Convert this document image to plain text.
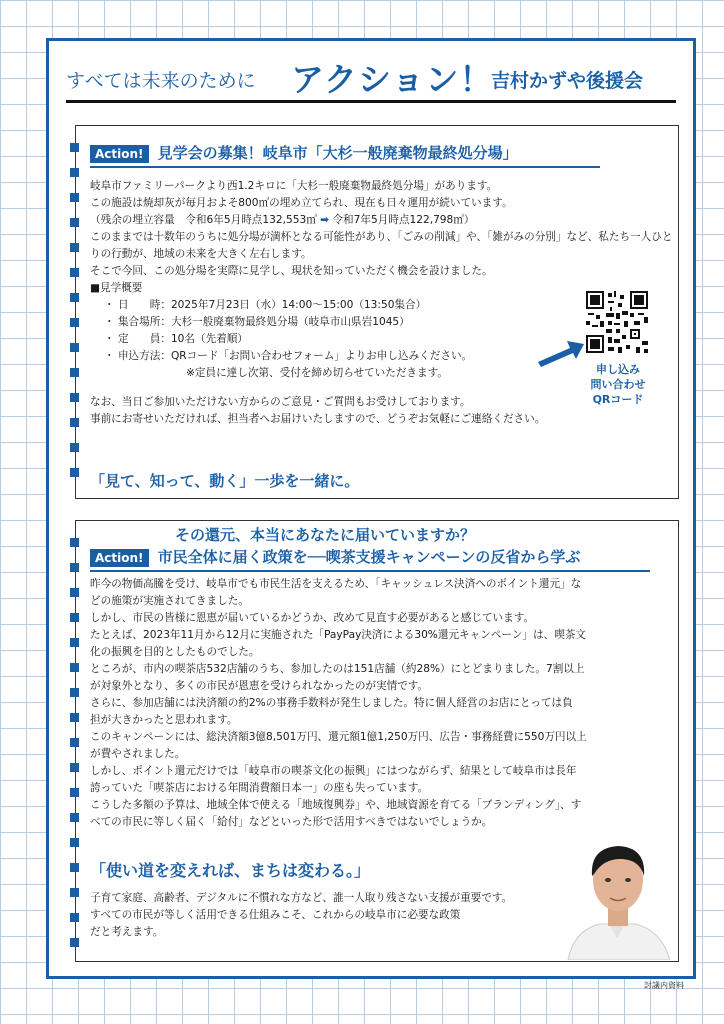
すべては未来のために アクション！
吉村かずや後援会
Action! 見学会の募集！岐阜市「大杉一般廃棄物最終処分場」

岐阜市ファミリーパークより西1.2キロに「大杉一般廃棄物最終処分場」があります。

この施設は焼却灰が毎月およそ800㎥の埋め立てられ、現在も日々運用が続いています。

（残余の埋立容量　令和6年5月時点132,553㎥ ➡ 令和7年5月時点122,798㎥）

このままでは十数年のうちに処分場が満杯となる可能性があり、「ごみの削減」や、「雑がみの分別」など、私たち一人ひとりの行動が、地域の未来を大きく左右します。

そこで今回、この処分場を実際に見学し、現状を知っていただく機会を設けました。

■見学概要

・ 日　　時：2025年7月23日（水）14:00～15:00（13:50集合）

・ 集合場所：大杉一般廃棄物最終処分場（岐阜市山県岩1045）

・ 定　　員：10名（先着順）

・ 申込方法：QRコード「お問い合わせフォーム」よりお申し込みください。

※定員に達し次第、受付を締め切らせていただきます。

なお、当日ご参加いただけない方からのご意見・ご質問もお受けしております。

事前にお寄せいただければ、担当者へお届けいたしますので、どうぞお気軽にご連絡ください。

申し込み
問い合わせ
QRコード
「見て、知って、動く」一歩を一緒に。
その還元、本当にあなたに届いていますか？
Action! 市民全体に届く政策を──喫茶支援キャンペーンの反省から学ぶ

昨今の物価高騰を受け、岐阜市でも市民生活を支えるため、「キャッシュレス決済へのポイント還元」な

どの施策が実施されてきました。

しかし、市民の皆様に恩恵が届いているかどうか、改めて見直す必要があると感じています。

たとえば、2023年11月から12月に実施された「PayPay決済による30%還元キャンペーン」は、喫茶文

化の振興を目的としたものでした。

ところが、市内の喫茶店532店舗のうち、参加したのは151店舗（約28%）にとどまりました。7割以上

が対象外となり、多くの市民が恩恵を受けられなかったのが実情です。

さらに、参加店舗には決済額の約2%の事務手数料が発生しました。特に個人経営のお店にとっては負

担が大きかったと思われます。

このキャンペーンには、総決済額3億8,501万円、還元額1億1,250万円、広告・事務経費に550万円以上

が費やされました。

しかし、ポイント還元だけでは「岐阜市の喫茶文化の振興」にはつながらず、結果として岐阜市は長年

誇っていた「喫茶店における年間消費額日本一」の座も失っています。

こうした多額の予算は、地域全体で使える「地域復興券」や、地域資源を育てる「ブランディング」、す

べての市民に等しく届く「給付」などといった形で活用すべきではないでしょうか。

「使い道を変えれば、まちは変わる。」

子育て家庭、高齢者、デジタルに不慣れな方など、誰一人取り残さない支援が重要です。

すべての市民が等しく活用できる仕組みこそ、これからの岐阜市に必要な政策

だと考えます。

討議内資料
